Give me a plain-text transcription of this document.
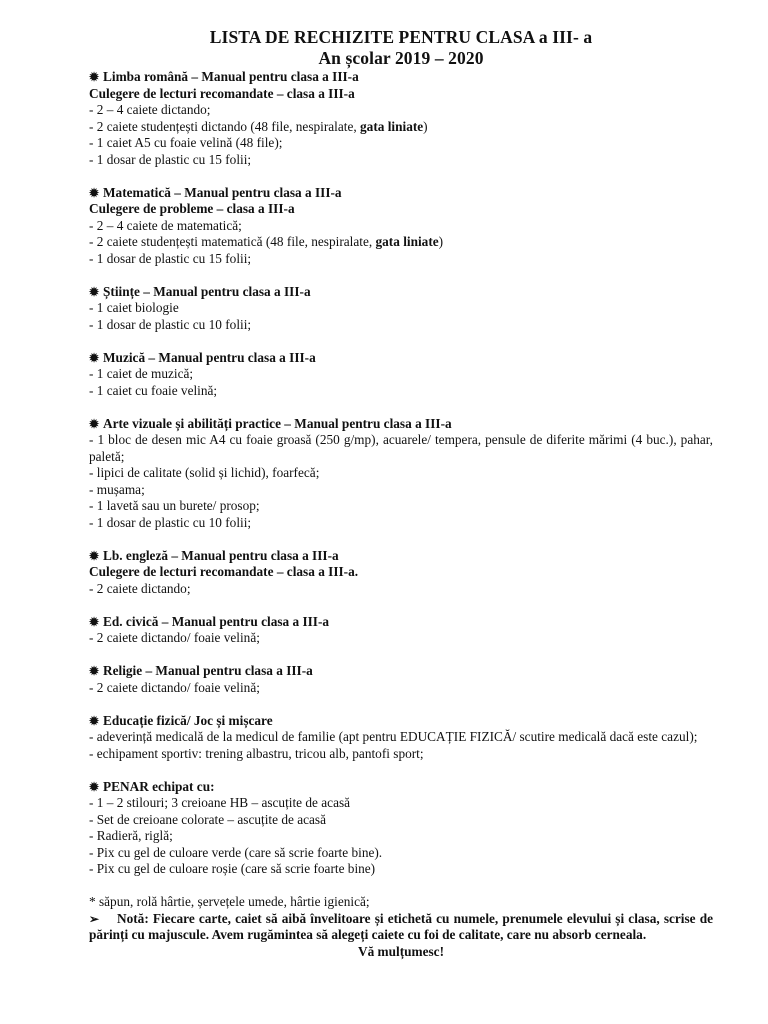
LISTA DE RECHIZITE PENTRU CLASA a III- a

An școlar 2019 – 2020

✹ Limba română – Manual pentru clasa a III-a

Culegere de lecturi recomandate – clasa a III-a

- 2 – 4 caiete dictando;

- 2 caiete studențești dictando (48 file, nespiralate, gata liniate)

- 1 caiet A5 cu foaie velină (48 file);

- 1 dosar de plastic cu 15 folii;

✹ Matematică – Manual pentru clasa a III-a

Culegere de probleme – clasa a III-a

- 2 – 4 caiete de matematică;

- 2 caiete studențești matematică (48 file, nespiralate, gata liniate)

- 1 dosar de plastic cu 15 folii;

✹ Științe – Manual pentru clasa a III-a

- 1 caiet biologie

- 1 dosar de plastic cu 10 folii;

✹ Muzică – Manual pentru clasa a III-a

- 1 caiet de muzică;

- 1 caiet cu foaie velină;

✹ Arte vizuale și abilități practice – Manual pentru clasa a III-a

- 1 bloc de desen mic A4 cu foaie groasă (250 g/mp), acuarele/ tempera, pensule de diferite mărimi (4 buc.), pahar, paletă;

- lipici de calitate (solid și lichid), foarfecă;

- mușama;

- 1 lavetă sau un burete/ prosop;

- 1 dosar de plastic cu 10 folii;

✹ Lb. engleză – Manual pentru clasa a III-a

Culegere de lecturi recomandate – clasa a III-a.

- 2 caiete dictando;

✹ Ed. civică – Manual pentru clasa a III-a

- 2 caiete dictando/ foaie velină;

✹ Religie – Manual pentru clasa a III-a

- 2 caiete dictando/ foaie velină;

✹ Educație fizică/ Joc și mișcare

- adeverință medicală de la medicul de familie (apt pentru EDUCAȚIE FIZICĂ/ scutire medicală dacă este cazul);

- echipament sportiv: trening albastru, tricou alb, pantofi sport;

✹ PENAR echipat cu:

- 1 – 2 stilouri; 3 creioane HB – ascuțite de acasă

- Set de creioane colorate – ascuțite de acasă

- Radieră, riglă;

- Pix cu gel de culoare verde (care să scrie foarte bine).

- Pix cu gel de culoare roșie (care să scrie foarte bine)

* săpun, rolă hârtie, șervețele umede, hârtie igienică;

➢ Notă: Fiecare carte, caiet să aibă învelitoare și etichetă cu numele, prenumele elevului și clasa, scrise de părinți cu majuscule. Avem rugămintea să alegeți caiete cu foi de calitate, care nu absorb cerneala.

Vă mulțumesc!
